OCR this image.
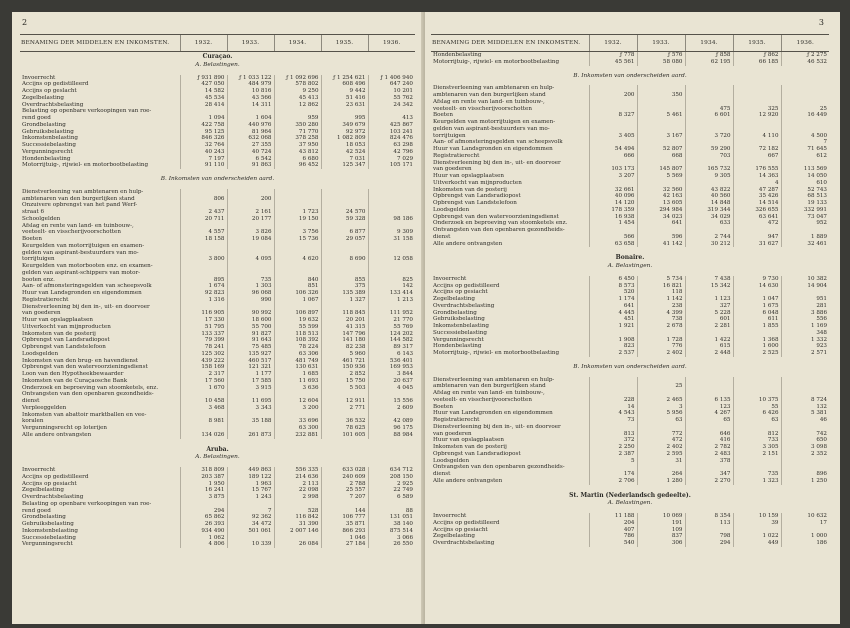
2
BENAMING DER MIDDELEN EN INKOMSTEN.	1932.	1933.	1934.	1935.	1936.
Curaçao.					
A. Belastingen.					

Invoerrecht	ƒ 931 890	ƒ 1 033 122	ƒ 1 092 696	ƒ 1 254 621	ƒ 1 406 940
Accijns op gedistilleerd	427 050	484 979	578 802	608 496	647 240
Accijns op geslacht	14 582	10 816	9 250	9 442	10 201
Zegelbelasting	45 534	43 566	45 413	51 416	55 762
Overdrachtsbelasting	28 414	14 311	12 862	23 631	24 342
Belasting op openbare verkoopingen van roe-					
rend goed	1 094	1 604	959	995	413
Grondbelasting	422 758	440 976	350 280	349 679	425 867
Gebruiksbelasting	95 125	81 964	71 770	92 972	103 241
Inkomstenbelasting	846 326	632 068	378 258	1 082 809	824 476
Successiebelasting	32 764	27 355	37 950	18 053	63 298
Vergunningsrecht	40 243	40 724	43 812	42 524	42 796
Hondenbelasting	7 197	6 542	6 680	7 031	7 029
Motorrijtuig-, rijwiel- en motorbootbelasting	91 110	91 863	96 452	125 347	105 171

B. Inkomsten van onderscheiden aard.					

Dienstverleening van ambtenaren en hulp-					
ambtenaren van den burgerlijken stand	806	200			
Onzuivere opbrengst van het pand Werf-					
straat 6	2 437	2 161	1 723	24 570	
Schoolgelden	20 711	20 177	19 150	59 328	98 186
Afslag en rente van land- en tuinbouw-,					
veeteelt- en visscherijvoorschotten	4 557	3 826	3 756	6 877	9 309
Boeten	18 158	19 084	15 736	29 057	31 158
Keurgelden van motorrijtuigen en examen-					
gelden van aspirant-bestuurders van mo-					
torrijtuigen	3 800	4 095	4 620	8 690	12 058
Keurgelden van motorbooten enz. en examen-					
gelden van aspirant-schippers van motor-					
booten enz.	895	735	840	855	825
Aan- of afmonsteringsgelden van scheepsvolk	1 674	1 303	851	375	142
Huur van Landsgronden en eigendommen	92 823	96 068	106 326	135 389	133 414
Registratierecht	1 316	990	1 067	1 327	1 213
Dienstverleening bij den in-, uit- en doorvoer					
van goederen	116 905	90 992	106 897	118 845	111 952
Huur van opslagplaatsen	17 330	18 600	19 632	20 201	21 770
Uitverkocht van mijnproducten	51 795	55 700	55 599	41 315	55 769
Inkomsten van de posterij	133 337	91 827	118 513	147 796	124 202
Opbrengst van Landsradiopost	79 399	91 643	108 392	141 180	144 582
Opbrengst van Landstelefoon	78 241	75 485	78 224	82 238	89 317
Loodsgelden	125 302	135 927	63 306	5 960	6 143
Inkomsten van den brug- en havendienst	439 222	460 517	481 749	461 721	536 401
Opbrengst van den watervoorzieningsdienst	158 169	121 321	130 631	150 936	169 953
Loon van den Hypotheekbewaarder	2 317	1 177	1 685	2 852	3 844
Inkomsten van de Curaçaosche Bank	17 560	17 585	11 693	15 750	20 637
Onderzoek en beproeving van stoomketels, enz.	1 670	3 915	3 636	5 503	4 045
Ontvangsten van den openbaren gezondheids-					
dienst	10 458	11 695	12 604	12 911	15 556
Verpleeggelden	3 468	3 343	3 200	2 771	2 609
Inkomsten van abattoir marktballen en vee-					
koralen	8 981	35 188	33 696	36 532	42 089
Vergunningsrecht op loterijen			63 300	78 625	96 175
Alle andere ontvangsten	134 026	261 873	232 881	101 605	88 984

Aruba.					
A. Belastingen.					

Invoerrecht	318 809	449 863	556 335	633 028	634 712
Accijns op gedistilleerd	203 387	189 122	214 636	240 609	208 150
Accijns op gesiacht	1 950	1 963	2 113	2 788	2 925
Zegelbelasting	16 241	15 767	22 098	25 557	22 749
Overdrachtsbelasting	3 875	1 243	2 998	7 207	6 589
Belasting op openbare verkoopingen van roe-					
rend goed	294	7	528	144	88
Grondbelasting	65 862	92 362	116 842	106 777	131 051
Gebruiksbelasting	26 393	34 472	31 390	35 871	38 140
Inkomstenbelasting	934 490	501 061	2 007 146	866 293	875 514
Successiebelasting	1 062			1 046	3 066
Vergunningsrecht	4 806	10 339	26 084	27 184	26 550
3
BENAMING DER MIDDELEN EN INKOMSTEN.	1932.	1933.	1934.	1935.	1936.
Hondenbelasting	ƒ 778	ƒ 576	ƒ 858	ƒ 862	ƒ 2 275
Motorrijtuig-, rijwiel- en motorbootbelasting	45 561	58 080	62 195	66 185	46 532

B. Inkomsten van onderscheiden aard.					

Dienstverleening van ambtenaren en hulp-					
ambtenaren van den burgerlijken stand	200	350			
Afslag en rente van land- en tuinbouw-,					
veeteelt- en visscherijvoorschotten			475	325	25
Boeten	8 327	5 461	6 601	12 920	16 449
Keurgelden van motorrijtuigen en examen-					
gelden van aspirant-bestuurders van mo-					
torrijtuigen	3 405	3 167	3 720	4 110	4 500
Aan- of afmonsteringsgelden van scheepsvolk					7
Huur van Landsgronden en eigendommen	54 494	52 807	59 290	72 182	71 645
Registratierecht	666	668	703	667	612
Dienstverleening bij den in-, uit- en doorvoer					
van goederen	103 173	145 807	165 732	176 555	113 569
Huur van opslagplaatsen	3 207	5 569	9 305	14 363	14 050
Uitverkocht van mijnproducten				4	610
Inkomsten van de posterij	32 661	32 560	43 822	47 287	52 743
Opbrengst van Landsradiopost	40 096	42 163	40 560	35 426	68 513
Opbrengst van Landstelefoon	14 120	13 605	14 848	14 514	19 133
Loodsgelden	178 359	294 984	319 344	326 655	332 991
Opbrengst van den watervoorzieningsdienst	16 938	34 023	34 029	63 641	73 047
Onderzoek en beproeving van stoomketels enz.	1 454	641	633	472	952
Ontvangsten van den openbaren gezondheids-					
dienst	566	596	2 744	947	1 889
Alle andere ontvangsten	63 658	41 142	30 212	31 627	32 461

Bonaire.					
A. Belastingen.					

Invoerrecht	6 450	5 734	7 438	9 730	10 382
Accijns op gedistilleerd	8 573	16 821	15 342	14 630	14 904
Accijns op gesiacht	520	118			
Zegelbelasting	1 174	1 142	1 123	1 047	951
Overdrachtsbelasting	641	238	327	1 675	281
Grondbelasting	4 445	4 399	5 228	6 048	3 886
Gebruiksbelasting	451	738	601	611	556
Inkomstenbelasting	1 921	2 678	2 281	1 855	1 169
Successiebelasting					348
Vergunningsrecht	1 908	1 728	1 422	1 368	1 332
Hondenbelasting	823	776	615	1 600	923
Motorrijtuig-, rijwiel- en motorbootbelasting	2 537	2 402	2 448	2 525	2 571

B. Inkomsten van onderscheiden aard.					

Dienstverleening van ambtenaren en hulp-					
ambtenaren van den burgerlijken stand		25			
Afslag en rente van land- en tuinbouw-,					
veeteelt- en visscherijvoorschotten	228	2 465	6 135	10 375	8 724
Boeten	14	3	123	55	132
Huur van Landsgronden en eigendommen	4 543	5 956	4 267	6 426	5 381
Registratierecht	73	63	65	63	46
Dienstverleening bij den in-, uit- en doorvoer					
van goederen	813	772	646	812	742
Huur van opslagplaatsen	372	472	416	733	650
Inkomsten van de posterij	2 250	2 402	2 782	3 305	3 098
Opbrengst van Landsradiopost	2 387	2 595	2 483	2 151	2 352
Loodsgelden	5	31	378		
Ontvangsten van den openbaren gezondheids-					
dienst	174	264	347	735	896
Alle andere ontvangsten	2 706	1 280	2 270	1 323	1 250

St. Martin (Nederlandsch gedeelte).					
A. Belastingen.					

Invoerrecht	11 188	10 069	8 354	10 159	10 632
Accijns op gedistilleerd	204	191	113	39	17
Accijns op gesiacht	407	109			
Zegelbelasting	786	837	798	1 022	1 000
Overdrachtsbelasting	540	306	294	449	186
